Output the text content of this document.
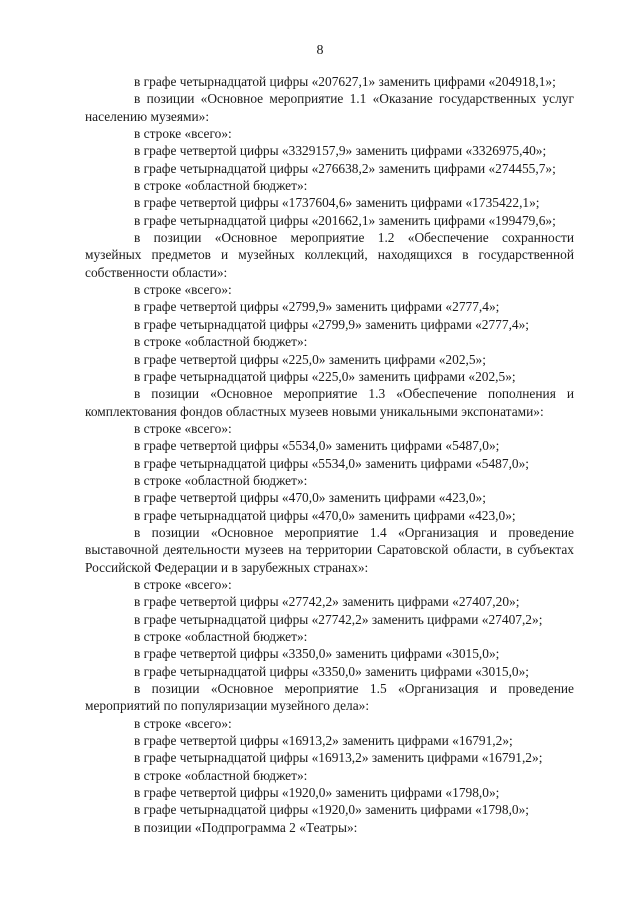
8

в графе четырнадцатой цифры «207627,1» заменить цифрами «204918,1»;

в позиции «Основное мероприятие 1.1 «Оказание государственных услуг населению музеями»:

в строке «всего»:

в графе четвертой цифры «3329157,9» заменить цифрами «3326975,40»;

в графе четырнадцатой цифры «276638,2» заменить цифрами «274455,7»;

в строке «областной бюджет»:

в графе четвертой цифры «1737604,6» заменить цифрами «1735422,1»;

в графе четырнадцатой цифры «201662,1» заменить цифрами «199479,6»;

в позиции «Основное мероприятие 1.2 «Обеспечение сохранности музейных предметов и музейных коллекций, находящихся в государственной собственности области»:

в строке «всего»:

в графе четвертой цифры «2799,9» заменить цифрами «2777,4»;

в графе четырнадцатой цифры «2799,9» заменить цифрами «2777,4»;

в строке «областной бюджет»:

в графе четвертой цифры «225,0» заменить цифрами «202,5»;

в графе четырнадцатой цифры «225,0» заменить цифрами «202,5»;

в позиции «Основное мероприятие 1.3 «Обеспечение пополнения и комплектования фондов областных музеев новыми уникальными экспонатами»:

в строке «всего»:

в графе четвертой цифры «5534,0» заменить цифрами «5487,0»;

в графе четырнадцатой цифры «5534,0» заменить цифрами «5487,0»;

в строке «областной бюджет»:

в графе четвертой цифры «470,0» заменить цифрами «423,0»;

в графе четырнадцатой цифры «470,0» заменить цифрами «423,0»;

в позиции «Основное мероприятие 1.4 «Организация и проведение выставочной деятельности музеев на территории Саратовской области, в субъектах Российской Федерации и в зарубежных странах»:

в строке «всего»:

в графе четвертой цифры «27742,2» заменить цифрами «27407,20»;

в графе четырнадцатой цифры «27742,2» заменить цифрами «27407,2»;

в строке «областной бюджет»:

в графе четвертой цифры «3350,0» заменить цифрами «3015,0»;

в графе четырнадцатой цифры «3350,0» заменить цифрами «3015,0»;

в позиции «Основное мероприятие 1.5 «Организация и проведение мероприятий по популяризации музейного дела»:

в строке «всего»:

в графе четвертой цифры «16913,2» заменить цифрами «16791,2»;

в графе четырнадцатой цифры «16913,2» заменить цифрами «16791,2»;

в строке «областной бюджет»:

в графе четвертой цифры «1920,0» заменить цифрами «1798,0»;

в графе четырнадцатой цифры «1920,0» заменить цифрами «1798,0»;

в позиции «Подпрограмма 2 «Театры»:
